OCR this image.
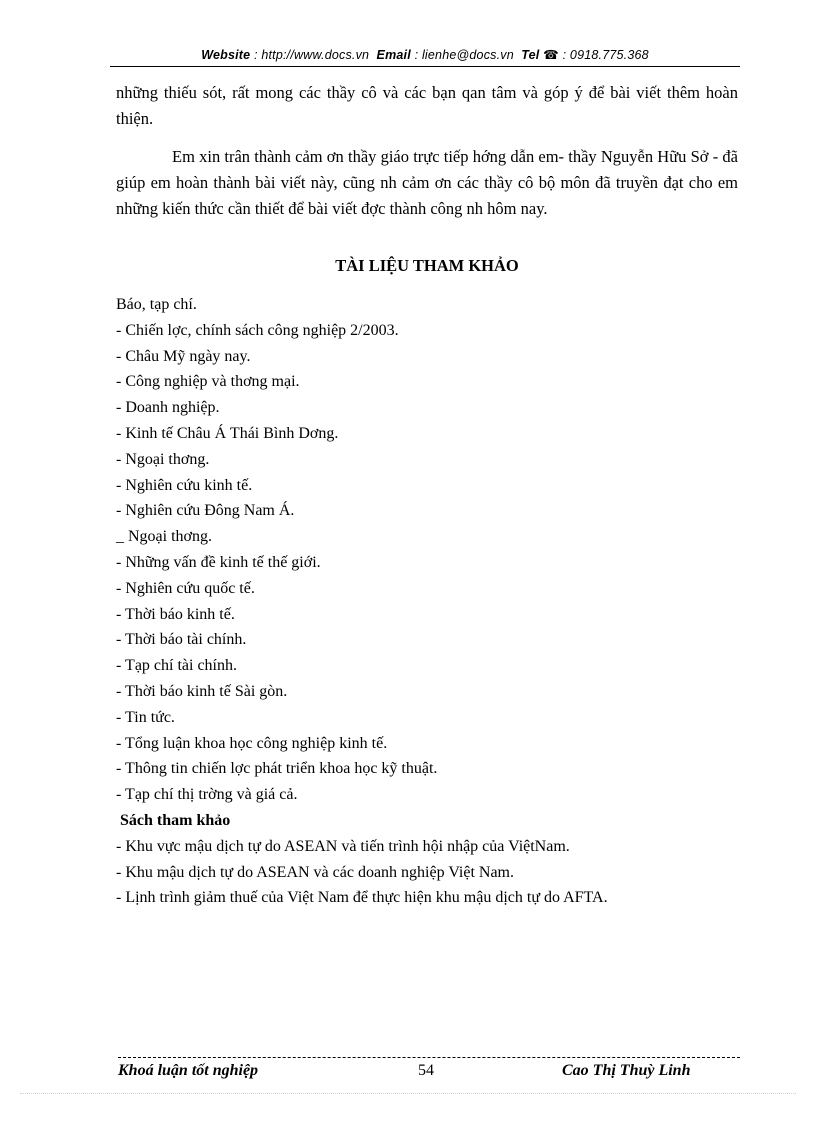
Website : http://www.docs.vn Email : lienhe@docs.vn Tel ☎ : 0918.775.368
những thiếu sót, rất mong các thầy cô và các bạn qan tâm và góp ý để bài viết thêm hoàn thiện.
Em xin trân thành cảm ơn thầy giáo trực tiếp hớng dẫn em- thầy Nguyễn Hữu Sở - đã giúp em hoàn thành bài viết này, cũng nh cảm ơn các thầy cô bộ môn đã truyền đạt cho em những kiến thức cần thiết để bài viết đợc thành công nh hôm nay.
TÀI LIỆU THAM KHẢO
Báo, tạp chí.
- Chiến lợc, chính sách công nghiệp 2/2003.
- Châu Mỹ ngày nay.
- Công nghiệp và thơng mại.
- Doanh nghiệp.
- Kinh tế Châu Á Thái Bình Dơng.
- Ngoại thơng.
- Nghiên cứu kinh tế.
- Nghiên cứu Đông Nam Á.
_ Ngoại thơng.
- Những vấn đề kinh tế thế giới.
- Nghiên cứu quốc tế.
- Thời báo kinh tế.
- Thời báo tài chính.
- Tạp chí tài chính.
- Thời báo kinh tế Sài gòn.
- Tin tức.
- Tổng luận khoa học công nghiệp kinh tế.
- Thông tin chiến lợc phát triển khoa học kỹ thuật.
- Tạp chí thị trờng và giá cả.
Sách tham khảo
- Khu vực mậu dịch tự do ASEAN và tiến trình hội nhập của ViệtNam.
- Khu mậu dịch tự do ASEAN và các doanh nghiệp Việt Nam.
- Lịnh trình giảm thuế của Việt Nam để thực hiện khu mậu dịch tự do AFTA.
Khoá luận tốt nghiệp	54	Cao Thị Thuỳ Linh
